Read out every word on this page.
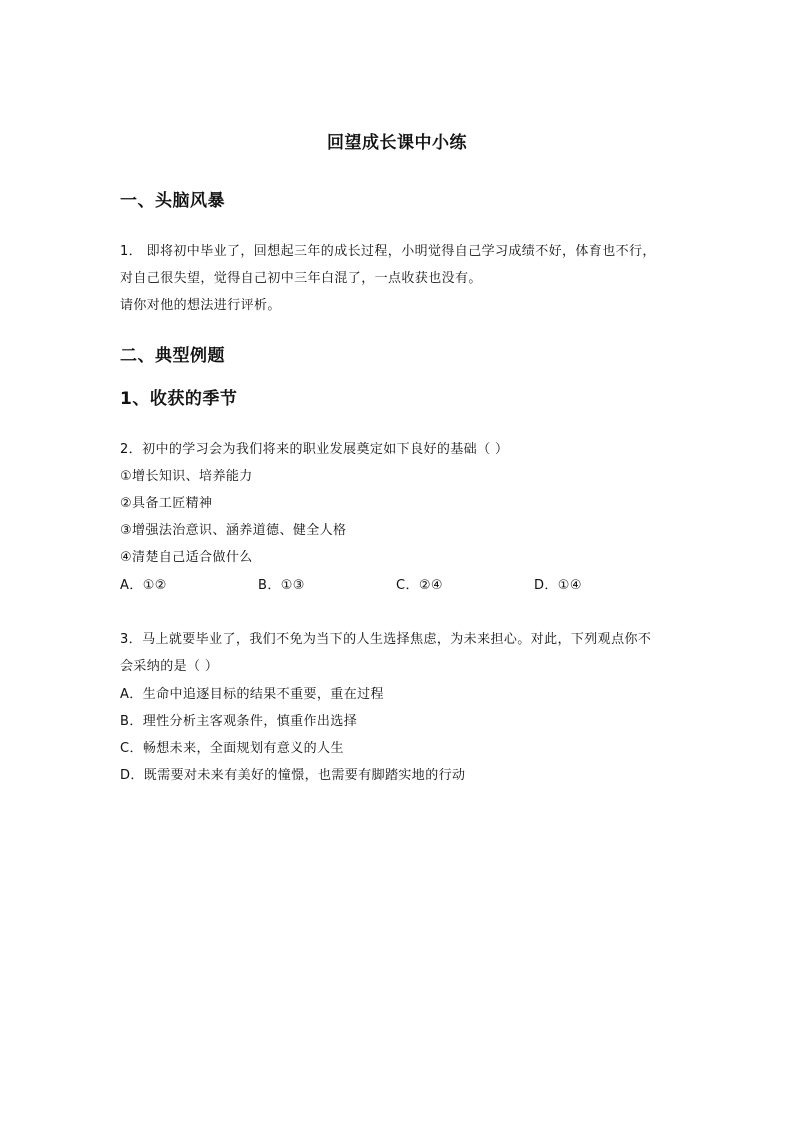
回望成长课中小练
一、头脑风暴
1． 即将初中毕业了，回想起三年的成长过程，小明觉得自己学习成绩不好，体育也不行，
对自己很失望，觉得自己初中三年白混了，一点收获也没有。
请你对他的想法进行评析。
二、典型例题
1、收获的季节
2．初中的学习会为我们将来的职业发展奠定如下良好的基础（ ）
①增长知识、培养能力
②具备工匠精神
③增强法治意识、涵养道德、健全人格
④清楚自己适合做什么
A．①②	B．①③	C．②④	D．①④
3．马上就要毕业了，我们不免为当下的人生选择焦虑，为未来担心。对此，下列观点你不
会采纳的是（ ）
A．生命中追逐目标的结果不重要，重在过程
B．理性分析主客观条件，慎重作出选择
C．畅想未来，全面规划有意义的人生
D．既需要对未来有美好的憧憬，也需要有脚踏实地的行动
